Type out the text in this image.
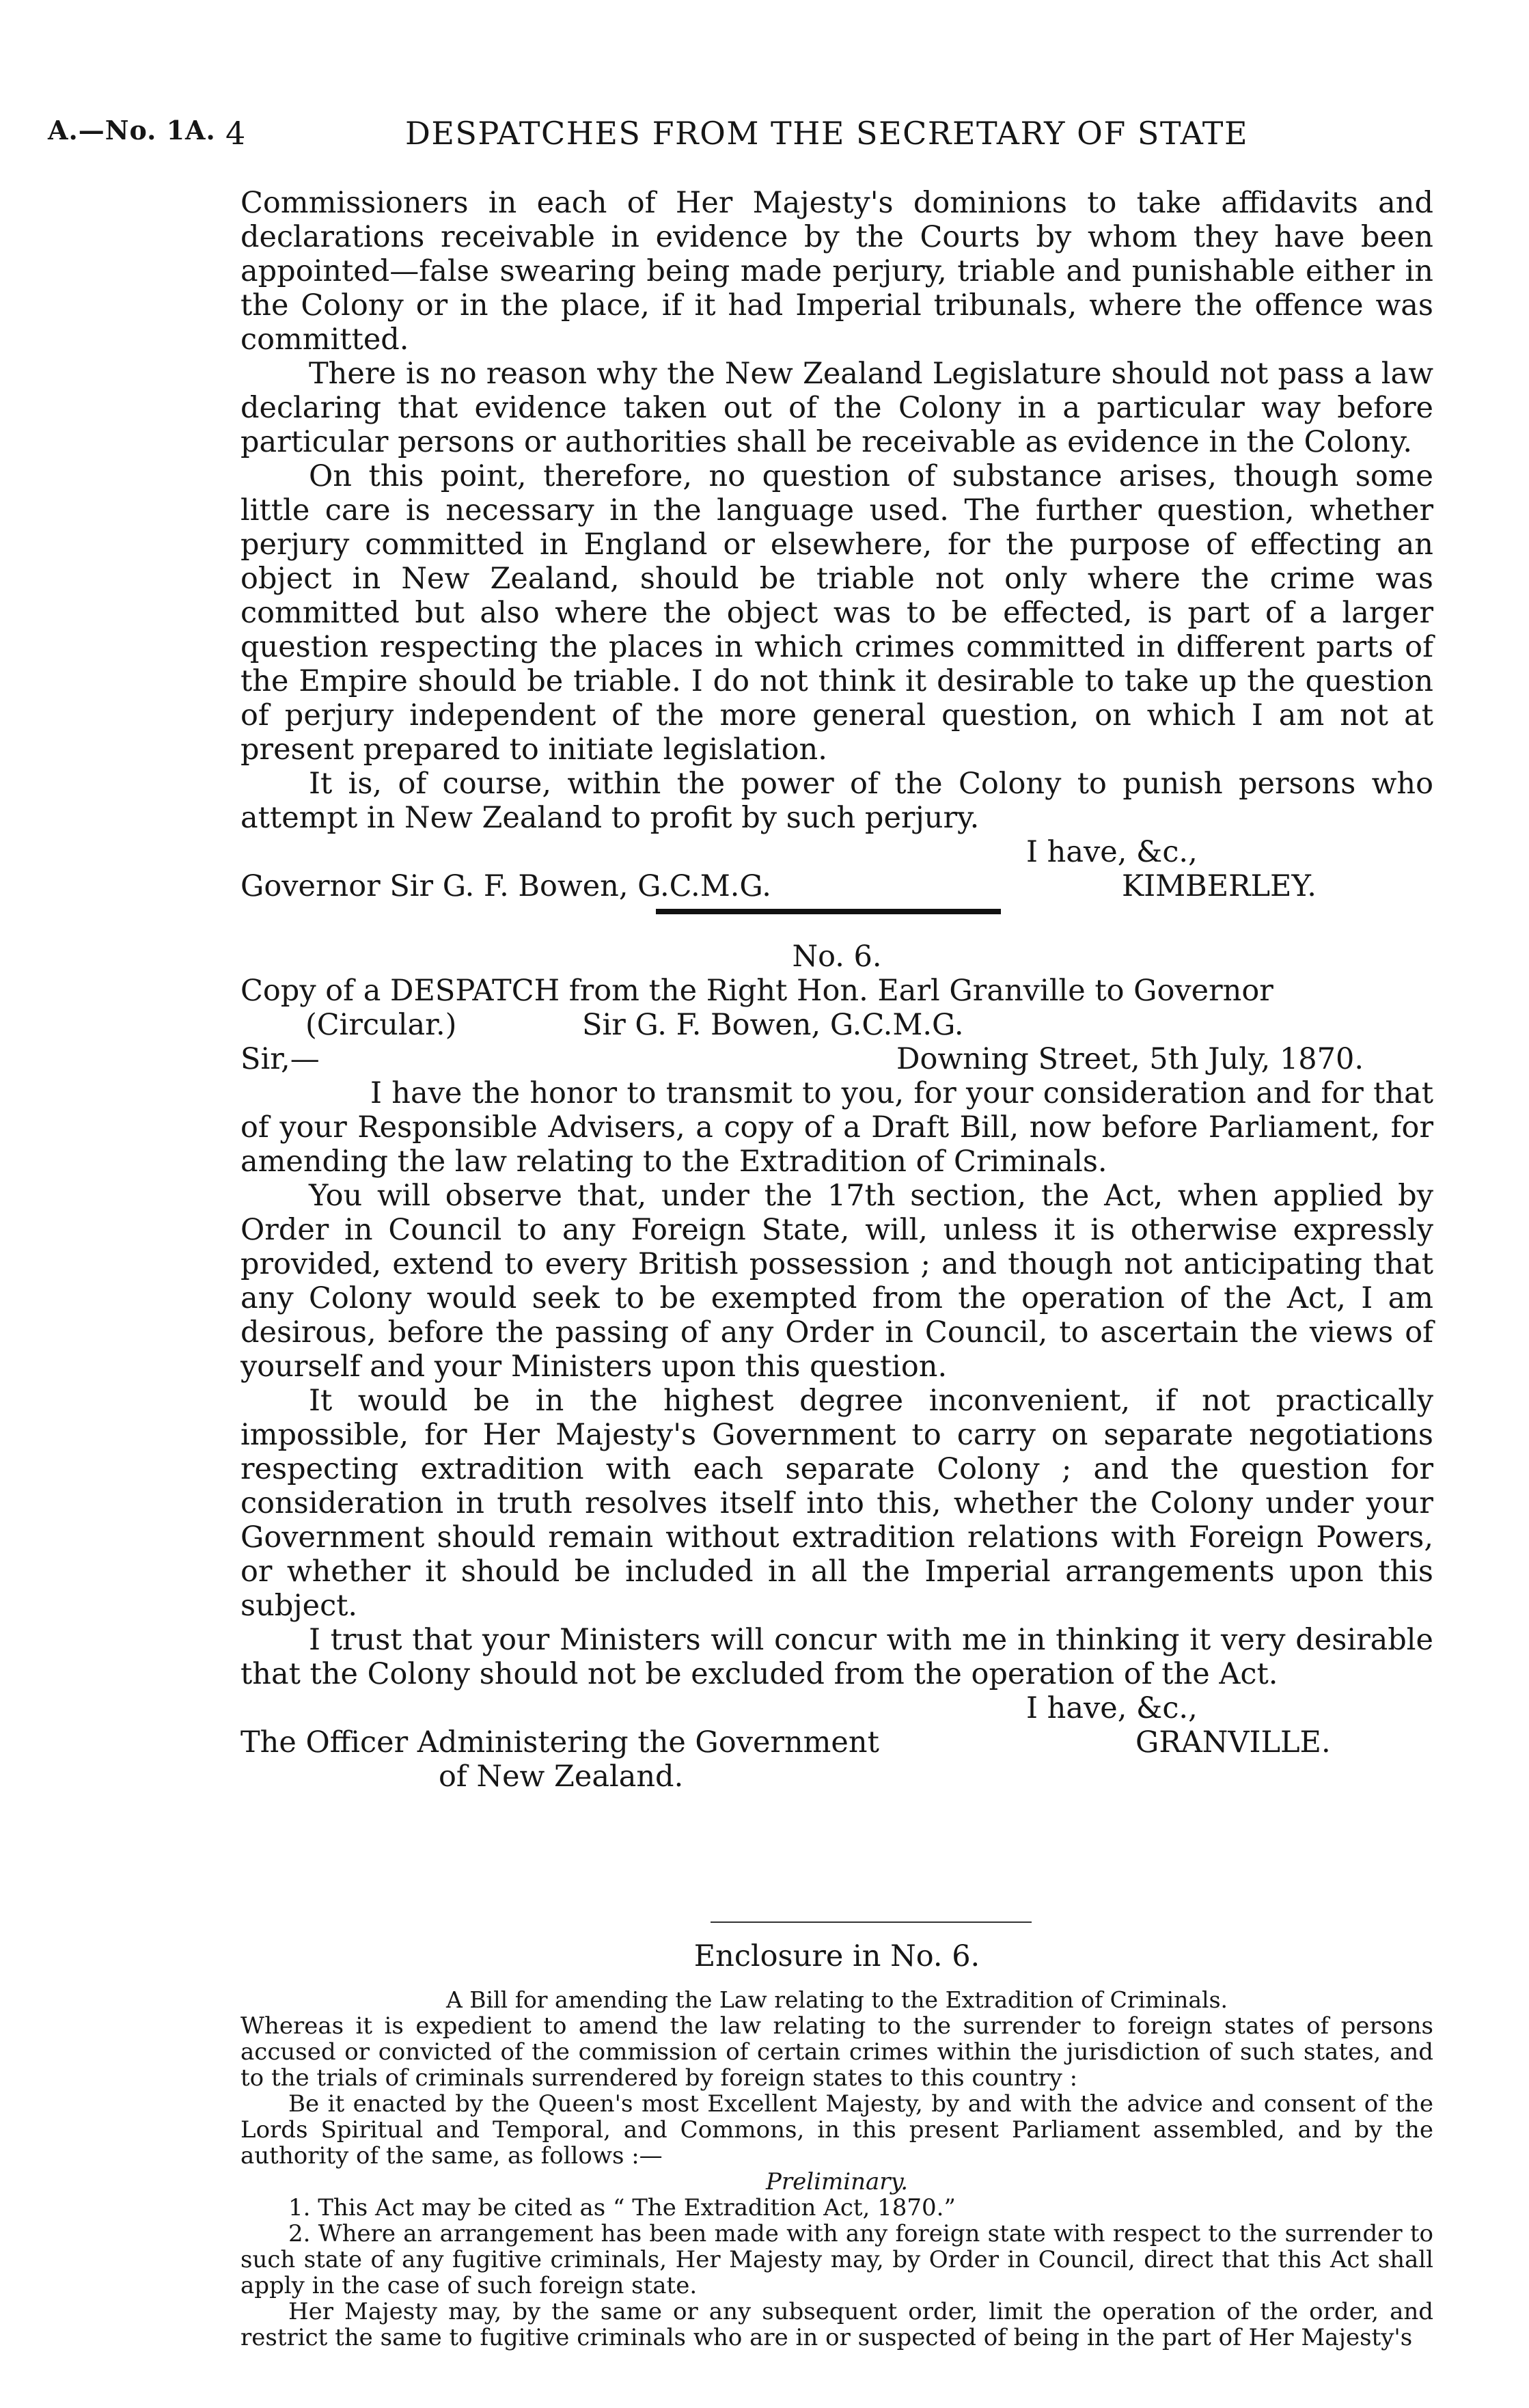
A.—No. 1A. 4	DESPATCHES FROM THE SECRETARY OF STATE

Commissioners in each of Her Majesty's dominions to take affidavits and declarations receivable in evidence by the Courts by whom they have been appointed—false swearing being made perjury, triable and punishable either in the Colony or in the place, if it had Imperial tribunals, where the offence was committed.

There is no reason why the New Zealand Legislature should not pass a law declaring that evidence taken out of the Colony in a particular way before particular persons or authorities shall be receivable as evidence in the Colony.

On this point, therefore, no question of substance arises, though some little care is necessary in the language used. The further question, whether perjury committed in England or elsewhere, for the purpose of effecting an object in New Zealand, should be triable not only where the crime was committed but also where the object was to be effected, is part of a larger question respecting the places in which crimes committed in different parts of the Empire should be triable. I do not think it desirable to take up the question of perjury independent of the more general question, on which I am not at present prepared to initiate legislation.

It is, of course, within the power of the Colony to punish persons who attempt in New Zealand to profit by such perjury.

I have, &c.,
Governor Sir G. F. Bowen, G.C.M.G.	KIMBERLEY.
No. 6.
Copy of a DESPATCH from the Right Hon. Earl Granville to Governor
(Circular.)	Sir G. F. Bowen, G.C.M.G.
Sir,—	Downing Street, 5th July, 1870.

I have the honor to transmit to you, for your consideration and for that of your Responsible Advisers, a copy of a Draft Bill, now before Parliament, for amending the law relating to the Extradition of Criminals.

You will observe that, under the 17th section, the Act, when applied by Order in Council to any Foreign State, will, unless it is otherwise expressly provided, extend to every British possession ; and though not anticipating that any Colony would seek to be exempted from the operation of the Act, I am desirous, before the passing of any Order in Council, to ascertain the views of yourself and your Ministers upon this question.

It would be in the highest degree inconvenient, if not practically impossible, for Her Majesty's Government to carry on separate negotiations respecting extradition with each separate Colony ; and the question for consideration in truth resolves itself into this, whether the Colony under your Government should remain without extradition relations with Foreign Powers, or whether it should be included in all the Imperial arrangements upon this subject.

I trust that your Ministers will concur with me in thinking it very desirable that the Colony should not be excluded from the operation of the Act.

I have, &c.,
The Officer Administering the Government	GRANVILLE.
of New Zealand.
Enclosure in No. 6.
A Bill for amending the Law relating to the Extradition of Criminals.

Whereas it is expedient to amend the law relating to the surrender to foreign states of persons accused or convicted of the commission of certain crimes within the jurisdiction of such states, and to the trials of criminals surrendered by foreign states to this country :

Be it enacted by the Queen's most Excellent Majesty, by and with the advice and consent of the Lords Spiritual and Temporal, and Commons, in this present Parliament assembled, and by the authority of the same, as follows :—

Preliminary.

1. This Act may be cited as “ The Extradition Act, 1870.”

2. Where an arrangement has been made with any foreign state with respect to the surrender to such state of any fugitive criminals, Her Majesty may, by Order in Council, direct that this Act shall apply in the case of such foreign state.

Her Majesty may, by the same or any subsequent order, limit the operation of the order, and restrict the same to fugitive criminals who are in or suspected of being in the part of Her Majesty's
